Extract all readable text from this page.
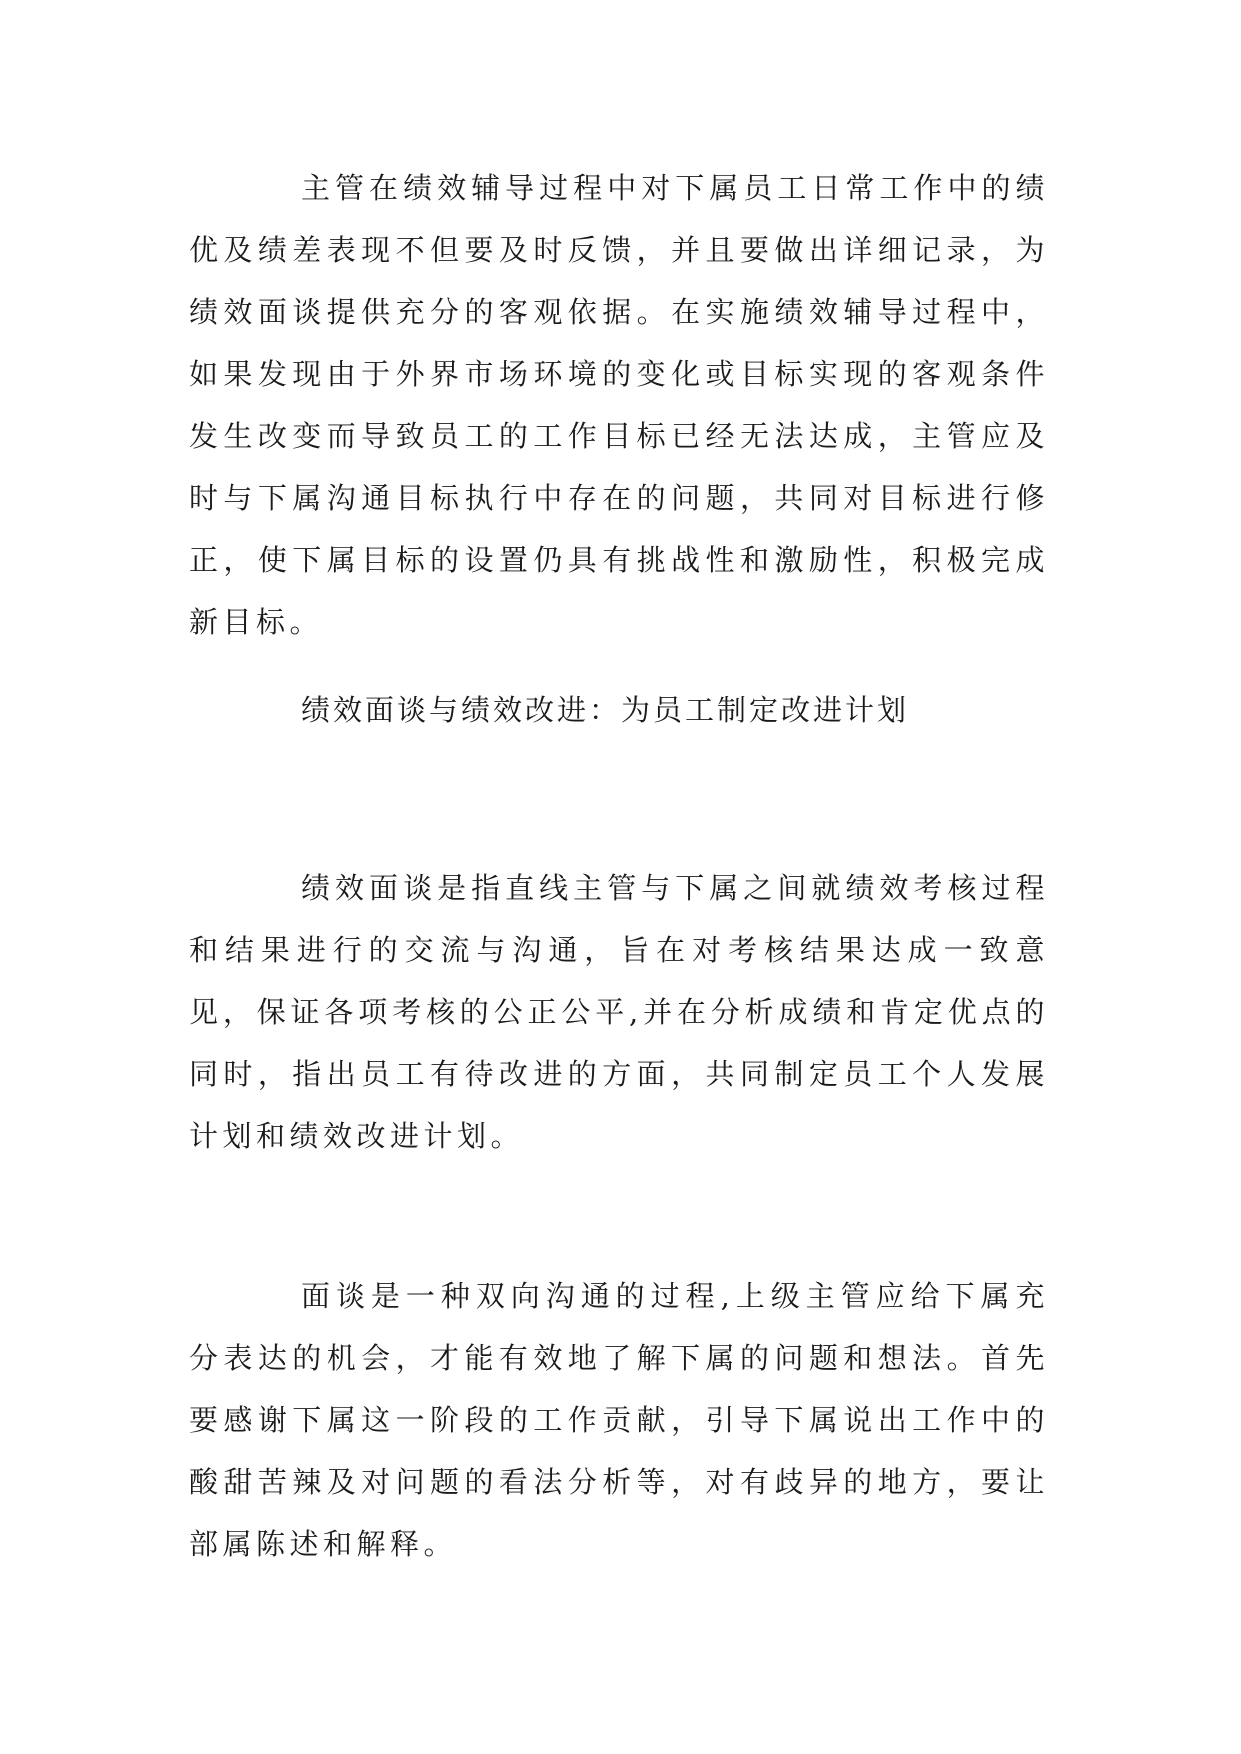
主管在绩效辅导过程中对下属员工日常工作中的绩优及绩差表现不但要及时反馈，并且要做出详细记录，为绩效面谈提供充分的客观依据。在实施绩效辅导过程中，如果发现由于外界市场环境的变化或目标实现的客观条件发生改变而导致员工的工作目标已经无法达成，主管应及时与下属沟通目标执行中存在的问题，共同对目标进行修正，使下属目标的设置仍具有挑战性和激励性，积极完成新目标。

绩效面谈与绩效改进：为员工制定改进计划

绩效面谈是指直线主管与下属之间就绩效考核过程和结果进行的交流与沟通，旨在对考核结果达成一致意见，保证各项考核的公正公平,并在分析成绩和肯定优点的同时，指出员工有待改进的方面，共同制定员工个人发展计划和绩效改进计划。

面谈是一种双向沟通的过程,上级主管应给下属充分表达的机会，才能有效地了解下属的问题和想法。首先要感谢下属这一阶段的工作贡献，引导下属说出工作中的酸甜苦辣及对问题的看法分析等，对有歧异的地方，要让部属陈述和解释。
